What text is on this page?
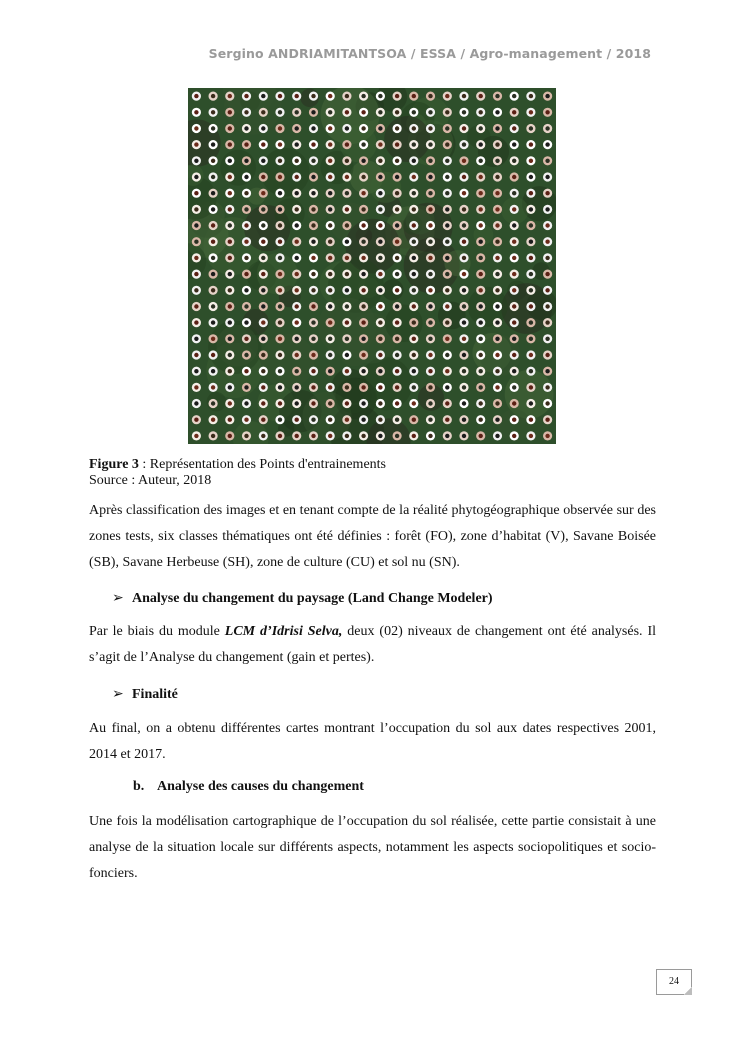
Sergino ANDRIAMITANTSOA / ESSA / Agro-management / 2018
Figure 3 : Représentation des Points d'entrainements
Source : Auteur, 2018
Après classification des images et en tenant compte de la réalité phytogéographique observée sur des zones tests, six classes thématiques ont été définies : forêt (FO), zone d’habitat (V), Savane Boisée (SB), Savane Herbeuse (SH), zone de culture (CU) et sol nu (SN).
➢ Analyse du changement du paysage (Land Change Modeler)
Par le biais du module LCM d’Idrisi Selva, deux (02) niveaux de changement ont été analysés. Il s’agit de l’Analyse du changement (gain et pertes).
➢ Finalité
Au final, on a obtenu différentes cartes montrant l’occupation du sol aux dates respectives 2001, 2014 et 2017.
b. Analyse des causes du changement
Une fois la modélisation cartographique de l’occupation du sol réalisée, cette partie consistait à une analyse de la situation locale sur différents aspects, notamment les aspects sociopolitiques et socio-fonciers.
24
